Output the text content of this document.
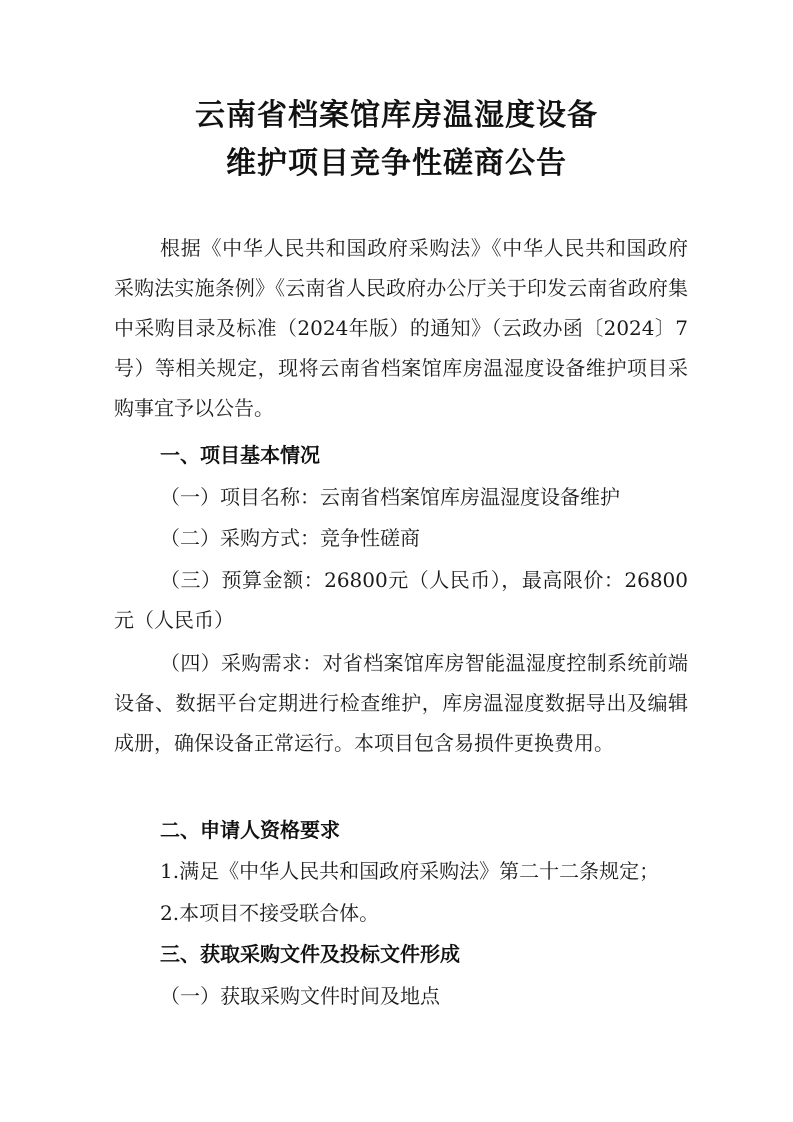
云南省档案馆库房温湿度设备
维护项目竞争性磋商公告
根据《中华人民共和国政府采购法》《中华人民共和国政府采购法实施条例》《云南省人民政府办公厅关于印发云南省政府集中采购目录及标准（2024年版）的通知》（云政办函〔2024〕7号）等相关规定，现将云南省档案馆库房温湿度设备维护项目采购事宜予以公告。
一、项目基本情况
（一）项目名称：云南省档案馆库房温湿度设备维护
（二）采购方式：竞争性磋商
（三）预算金额：26800元（人民币），最高限价：26800元（人民币）
（四）采购需求：对省档案馆库房智能温湿度控制系统前端设备、数据平台定期进行检查维护，库房温湿度数据导出及编辑成册，确保设备正常运行。本项目包含易损件更换费用。
二、申请人资格要求
1.满足《中华人民共和国政府采购法》第二十二条规定；
2.本项目不接受联合体。
三、获取采购文件及投标文件形成
（一）获取采购文件时间及地点
